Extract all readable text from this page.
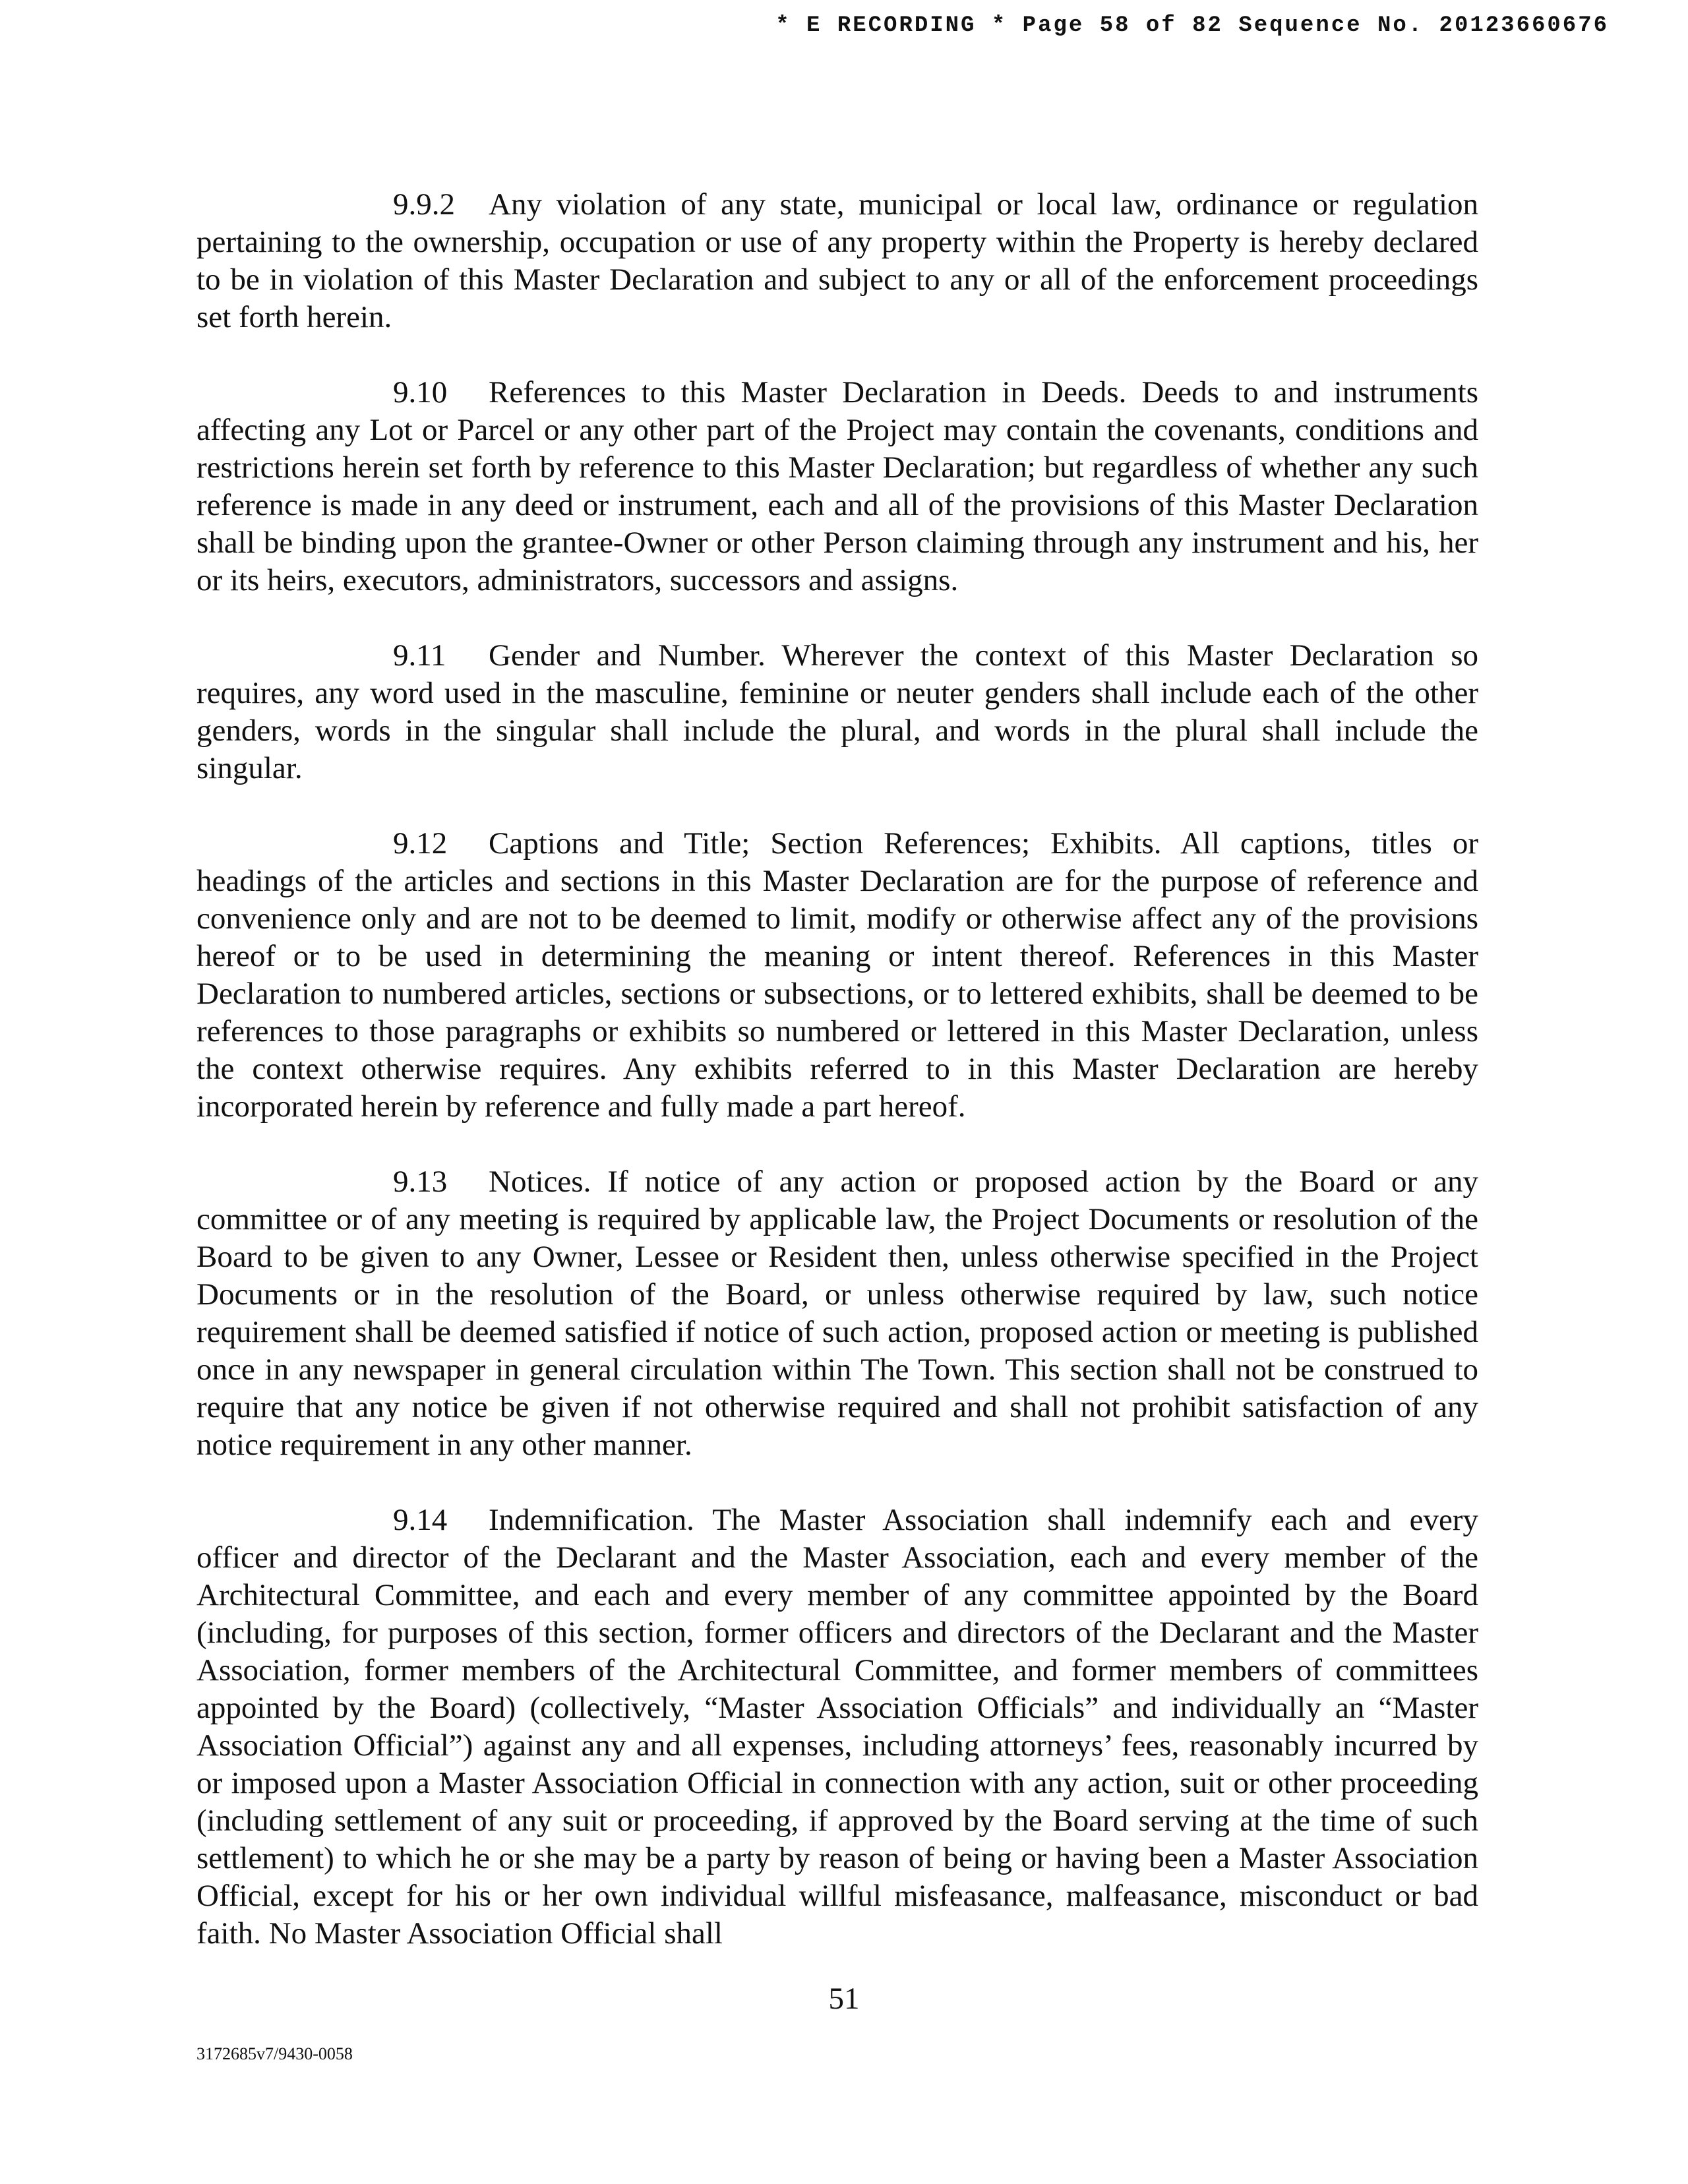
* E RECORDING * Page 58 of 82 Sequence No. 20123660676

9.9.2 Any violation of any state, municipal or local law, ordinance or regulation pertaining to the ownership, occupation or use of any property within the Property is hereby declared to be in violation of this Master Declaration and subject to any or all of the enforcement proceedings set forth herein.

9.10 References to this Master Declaration in Deeds. Deeds to and instruments affecting any Lot or Parcel or any other part of the Project may contain the covenants, conditions and restrictions herein set forth by reference to this Master Declaration; but regardless of whether any such reference is made in any deed or instrument, each and all of the provisions of this Master Declaration shall be binding upon the grantee-Owner or other Person claiming through any instrument and his, her or its heirs, executors, administrators, successors and assigns.

9.11 Gender and Number. Wherever the context of this Master Declaration so requires, any word used in the masculine, feminine or neuter genders shall include each of the other genders, words in the singular shall include the plural, and words in the plural shall include the singular.

9.12 Captions and Title; Section References; Exhibits. All captions, titles or headings of the articles and sections in this Master Declaration are for the purpose of reference and convenience only and are not to be deemed to limit, modify or otherwise affect any of the provisions hereof or to be used in determining the meaning or intent thereof. References in this Master Declaration to numbered articles, sections or subsections, or to lettered exhibits, shall be deemed to be references to those paragraphs or exhibits so numbered or lettered in this Master Declaration, unless the context otherwise requires. Any exhibits referred to in this Master Declaration are hereby incorporated herein by reference and fully made a part hereof.

9.13 Notices. If notice of any action or proposed action by the Board or any committee or of any meeting is required by applicable law, the Project Documents or resolution of the Board to be given to any Owner, Lessee or Resident then, unless otherwise specified in the Project Documents or in the resolution of the Board, or unless otherwise required by law, such notice requirement shall be deemed satisfied if notice of such action, proposed action or meeting is published once in any newspaper in general circulation within The Town. This section shall not be construed to require that any notice be given if not otherwise required and shall not prohibit satisfaction of any notice requirement in any other manner.

9.14 Indemnification. The Master Association shall indemnify each and every officer and director of the Declarant and the Master Association, each and every member of the Architectural Committee, and each and every member of any committee appointed by the Board (including, for purposes of this section, former officers and directors of the Declarant and the Master Association, former members of the Architectural Committee, and former members of committees appointed by the Board) (collectively, “Master Association Officials” and individually an “Master Association Official”) against any and all expenses, including attorneys’ fees, reasonably incurred by or imposed upon a Master Association Official in connection with any action, suit or other proceeding (including settlement of any suit or proceeding, if approved by the Board serving at the time of such settlement) to which he or she may be a party by reason of being or having been a Master Association Official, except for his or her own individual willful misfeasance, malfeasance, misconduct or bad faith. No Master Association Official shall

51
3172685v7/9430-0058
